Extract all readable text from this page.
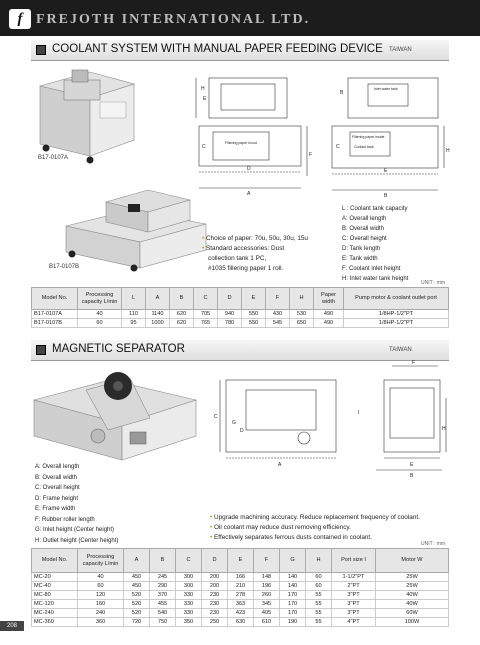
f FREJOTH INTERNATIONAL LTD.
COOLANT SYSTEM WITH MANUAL PAPER FEEDING DEVICE TAIWAN
B17-0107A
B17-0107B
H
E
C
F
D
A
Filtering paper in/out
B
C
H
E
B
Inlet water tank
Filtering paper inside
Coolant tank
L : Coolant tank capacity
A: Overall length
B: Overall width
C: Overall height
D: Tank length
E: Tank width
F: Coolant inlet height
H: Inlet water tank height
• Choice of paper: 70u, 50u, 30u, 15u
• Standard accessories: Dust
collection tank 1 PC,
#1035 fillering paper 1 roll.
UNIT : mm
Model No.	Processing capacity L/min	L	A	B	C	D	E	F	H	Paper width	Pump motor & coolant outlet port
B17-0107A	40	110	1140	620	705	940	550	430	530	490	1/8HP-1/2"PT
B17-0107B	60	95	1000	620	765	780	550	545	650	490	1/8HP-1/2"PT
MAGNETIC SEPARATOR	TAIWAN
F
C
G
D
I
H
A	E
B
A: Overall length
B: Overall width
C: Overall height
D: Frame height
E: Frame width
F: Rubber roller length
G: Inlet height (Center height)
H: Outlet height (Center height)
• Upgrade machining accuracy. Reduce replacement frequency of coolant.
• Oil coolant may reduce dust removing efficiency.
• Effectively separates ferrous dusts contained in coolant.
UNIT : mm
Model No.	Processing capacity L/min	A	B	C	D	E	F	G	H	Port size I	Motor W
MC-20	40	450	245	300	200	166	148	140	60	1-1/2"PT	25W
MC-40	60	450	290	300	200	210	196	140	60	2"PT	25W
MC-80	120	520	370	330	230	278	260	170	55	3"PT	40W
MC-120	160	520	455	330	230	363	345	170	55	3"PT	40W
MC-240	240	520	540	330	230	423	405	170	55	3"PT	60W
MC-360	360	720	750	350	250	630	610	190	55	4"PT	100W
208
